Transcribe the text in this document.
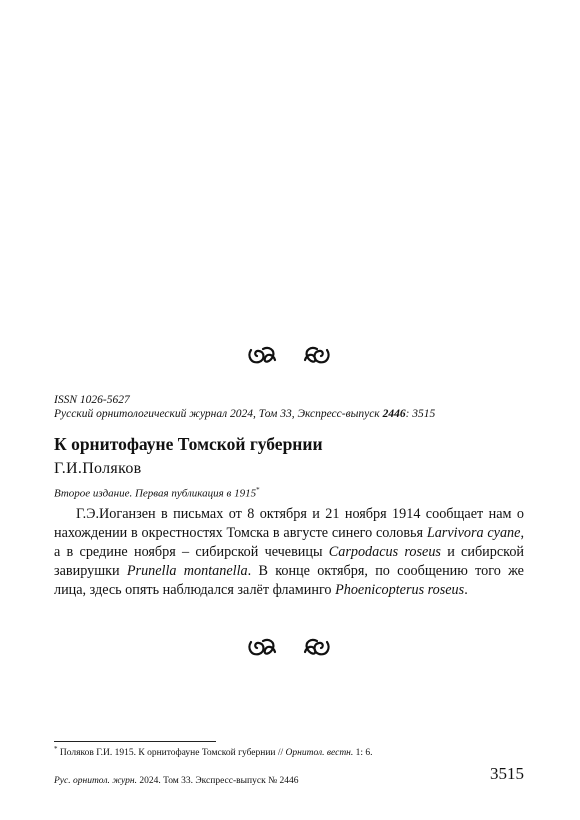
ISSN 1026-5627
Русский орнитологический журнал 2024, Том 33, Экспресс-выпуск 2446: 3515
К орнитофауне Томской губернии
Г.И.Поляков
Второе издание. Первая публикация в 1915*
Г.Э.Иоганзен в письмах от 8 октября и 21 ноября 1914 сообщает нам о нахождении в окрестностях Томска в августе синего соловья Larvivora cyane, а в средине ноября – сибирской чечевицы Carpodacus roseus и сибирской завирушки Prunella montanella. В конце октября, по сообщению того же лица, здесь опять наблюдался залёт фламинго Phoenicopterus roseus.
* Поляков Г.И. 1915. К орнитофауне Томской губернии // Орнитол. вестн. 1: 6.
Рус. орнитол. журн. 2024. Том 33. Экспресс-выпуск № 2446	3515
